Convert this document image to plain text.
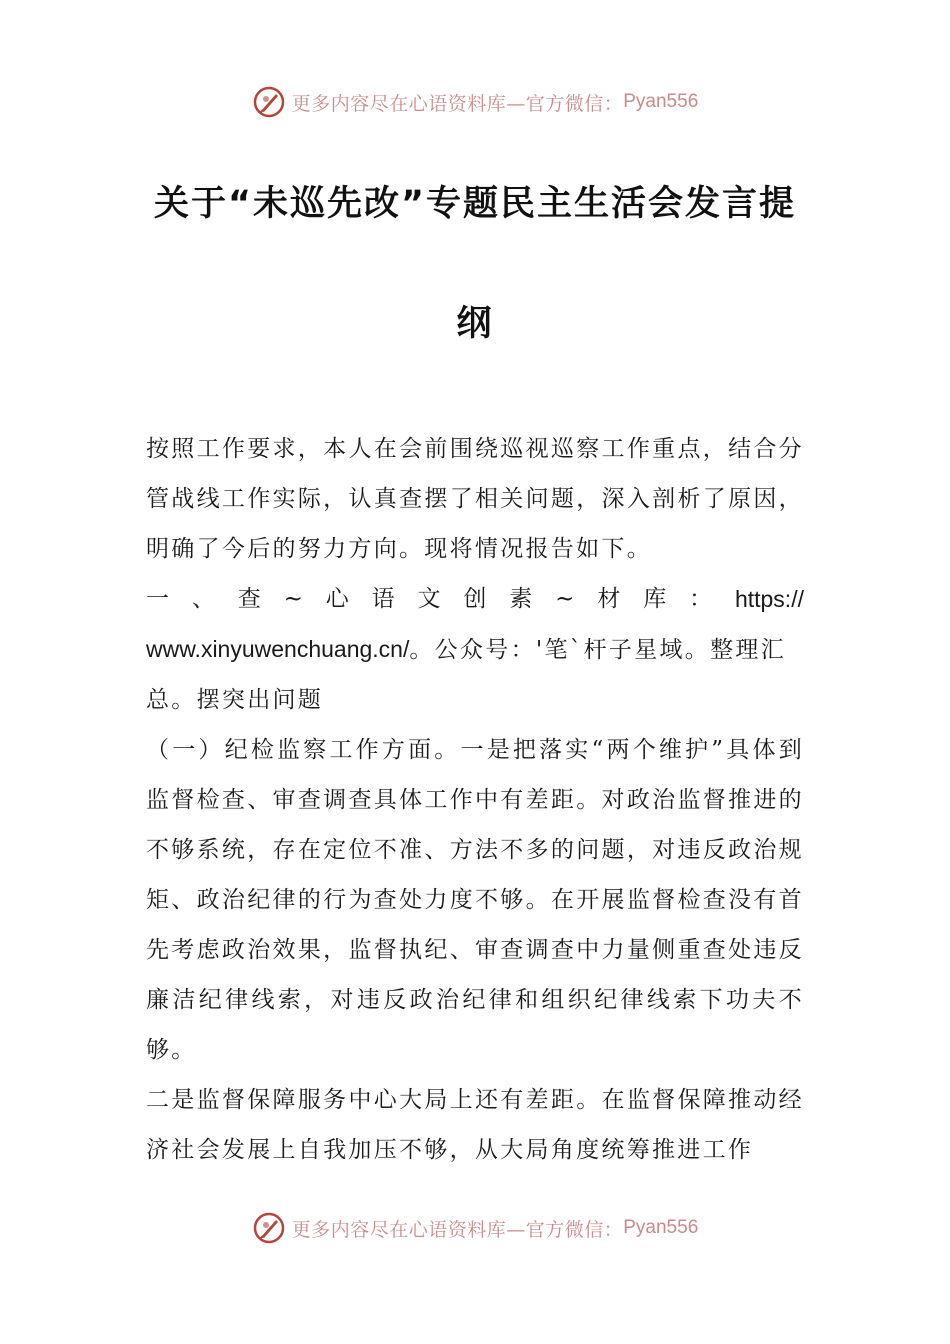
更多内容尽在心语资料库—官方微信： Pyan556
关于“未巡先改”专题民主生活会发言提
纲

按照工作要求，本人在会前围绕巡视巡察工作重点，结合分管战线工作实际，认真查摆了相关问题，深入剖析了原因，明确了今后的努力方向。现将情况报告如下。

一 、 查 ~ 心 语 文 创 素 ~ 材 库 ： https://

www.xinyuwenchuang.cn/。公众号：'笔`杆子星域。整理汇

总。摆突出问题

（一）纪检监察工作方面。一是把落实“两个维护”具体到监督检查、审查调查具体工作中有差距。对政治监督推进的不够系统，存在定位不准、方法不多的问题，对违反政治规矩、政治纪律的行为查处力度不够。在开展监督检查没有首先考虑政治效果，监督执纪、审查调查中力量侧重查处违反廉洁纪律线索，对违反政治纪律和组织纪律线索下功夫不够。

二是监督保障服务中心大局上还有差距。在监督保障推动经济社会发展上自我加压不够，从大局角度统筹推进工作

更多内容尽在心语资料库—官方微信： Pyan556
